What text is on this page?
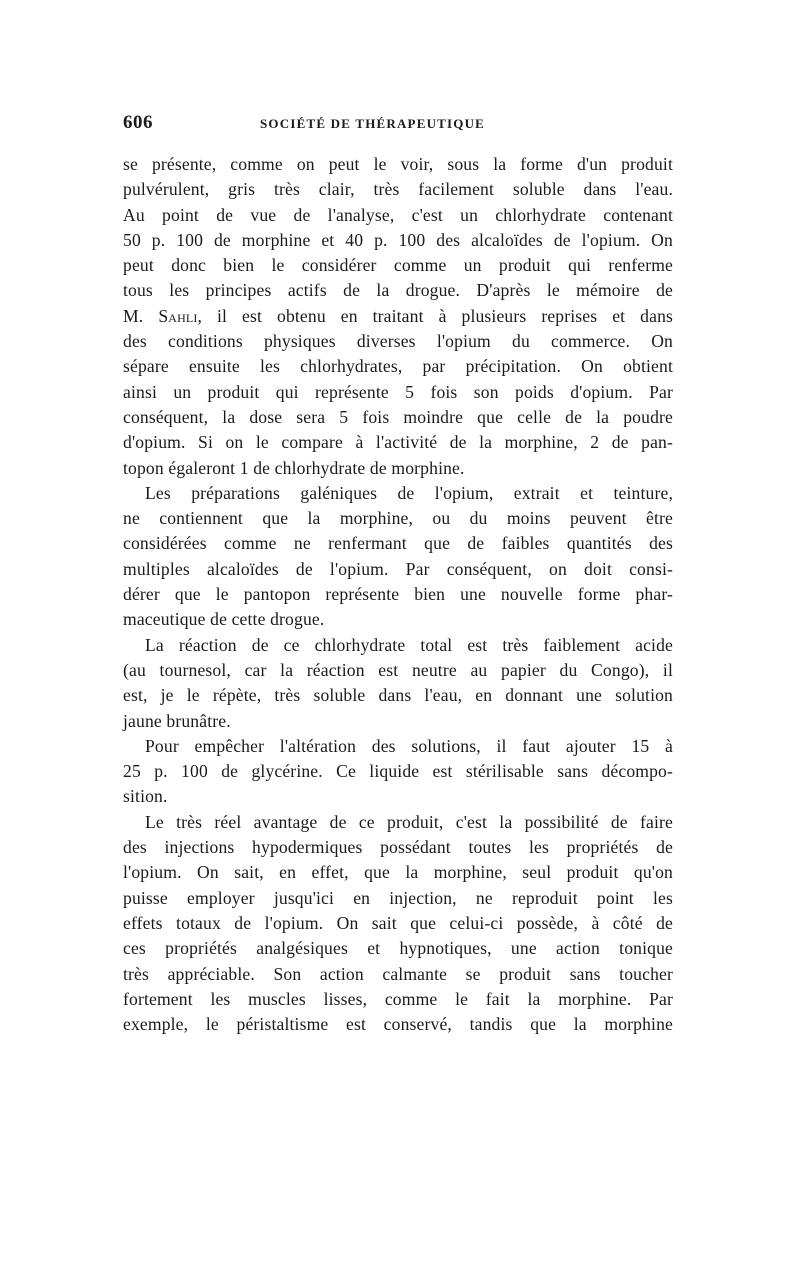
606	SOCIÉTÉ DE THÉRAPEUTIQUE
se présente, comme on peut le voir, sous la forme d'un produit
pulvérulent, gris très clair, très facilement soluble dans l'eau.
Au point de vue de l'analyse, c'est un chlorhydrate contenant
50 p. 100 de morphine et 40 p. 100 des alcaloïdes de l'opium. On
peut donc bien le considérer comme un produit qui renferme
tous les principes actifs de la drogue. D'après le mémoire de
M. Sahli, il est obtenu en traitant à plusieurs reprises et dans
des conditions physiques diverses l'opium du commerce. On
sépare ensuite les chlorhydrates, par précipitation. On obtient
ainsi un produit qui représente 5 fois son poids d'opium. Par
conséquent, la dose sera 5 fois moindre que celle de la poudre
d'opium. Si on le compare à l'activité de la morphine, 2 de pan-
topon égaleront 1 de chlorhydrate de morphine.
Les préparations galéniques de l'opium, extrait et teinture,
ne contiennent que la morphine, ou du moins peuvent être
considérées comme ne renfermant que de faibles quantités des
multiples alcaloïdes de l'opium. Par conséquent, on doit consi-
dérer que le pantopon représente bien une nouvelle forme phar-
maceutique de cette drogue.
La réaction de ce chlorhydrate total est très faiblement acide
(au tournesol, car la réaction est neutre au papier du Congo), il
est, je le répète, très soluble dans l'eau, en donnant une solution
jaune brunâtre.
Pour empêcher l'altération des solutions, il faut ajouter 15 à
25 p. 100 de glycérine. Ce liquide est stérilisable sans décompo-
sition.
Le très réel avantage de ce produit, c'est la possibilité de faire
des injections hypodermiques possédant toutes les propriétés de
l'opium. On sait, en effet, que la morphine, seul produit qu'on
puisse employer jusqu'ici en injection, ne reproduit point les
effets totaux de l'opium. On sait que celui-ci possède, à côté de
ces propriétés analgésiques et hypnotiques, une action tonique
très appréciable. Son action calmante se produit sans toucher
fortement les muscles lisses, comme le fait la morphine. Par
exemple, le péristaltisme est conservé, tandis que la morphine
